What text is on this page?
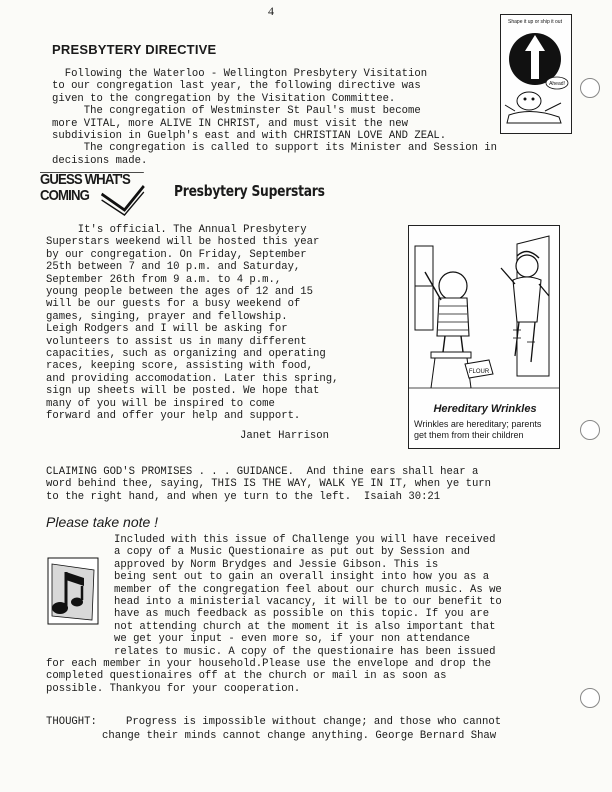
4
PRESBYTERY DIRECTIVE
Following the Waterloo - Wellington Presbytery Visitation
to our congregation last year, the following directive was
given to the congregation by the Visitation Committee.
The congregation of Westminster St Paul's must become
more VITAL, more ALIVE IN CHRIST, and must visit the new
subdivision in Guelph's east and with CHRISTIAN LOVE AND ZEAL.
The congregation is called to support its Minister and Session in
decisions made.
Shape it up or ship it out
Ahead!
GUESS WHAT'S
COMING	Presbytery Superstars
It's official. The Annual Presbytery
Superstars weekend will be hosted this year
by our congregation. On Friday, September
25th between 7 and 10 p.m. and Saturday,
September 26th from 9 a.m. to 4 p.m.,
young people between the ages of 12 and 15
will be our guests for a busy weekend of
games, singing, prayer and fellowship.
Leigh Rodgers and I will be asking for
volunteers to assist us in many different
capacities, such as organizing and operating
races, keeping score, assisting with food,
and providing accomodation. Later this spring,
sign up sheets will be posted. We hope that
many of you will be inspired to come
forward and offer your help and support.
Janet Harrison
FLOUR
Hereditary Wrinkles
Wrinkles are hereditary; parents get them from their children
CLAIMING GOD'S PROMISES . . . GUIDANCE.  And thine ears shall hear a
word behind thee, saying, THIS IS THE WAY, WALK YE IN IT, when ye turn
to the right hand, and when ye turn to the left.  Isaiah 30:21
Please take note !
Included with this issue of Challenge you will have received
a copy of a Music Questionaire as put out by Session and
approved by Norm Brydges and Jessie Gibson. This is
being sent out to gain an overall insight into how you as a
member of the congregation feel about our church music. As we
head into a ministerial vacancy, it will be to our benefit to
have as much feedback as possible on this topic. If you are
not attending church at the moment it is also important that
we get your input - even more so, if your non attendance
relates to music. A copy of the questionaire has been issued
for each member in your household.Please use the envelope and drop the
completed questionaires off at the church or mail in as soon as
possible. Thankyou for your cooperation.
THOUGHT:	Progress is impossible without change; and those who cannot
change their minds cannot change anything. George Bernard Shaw
